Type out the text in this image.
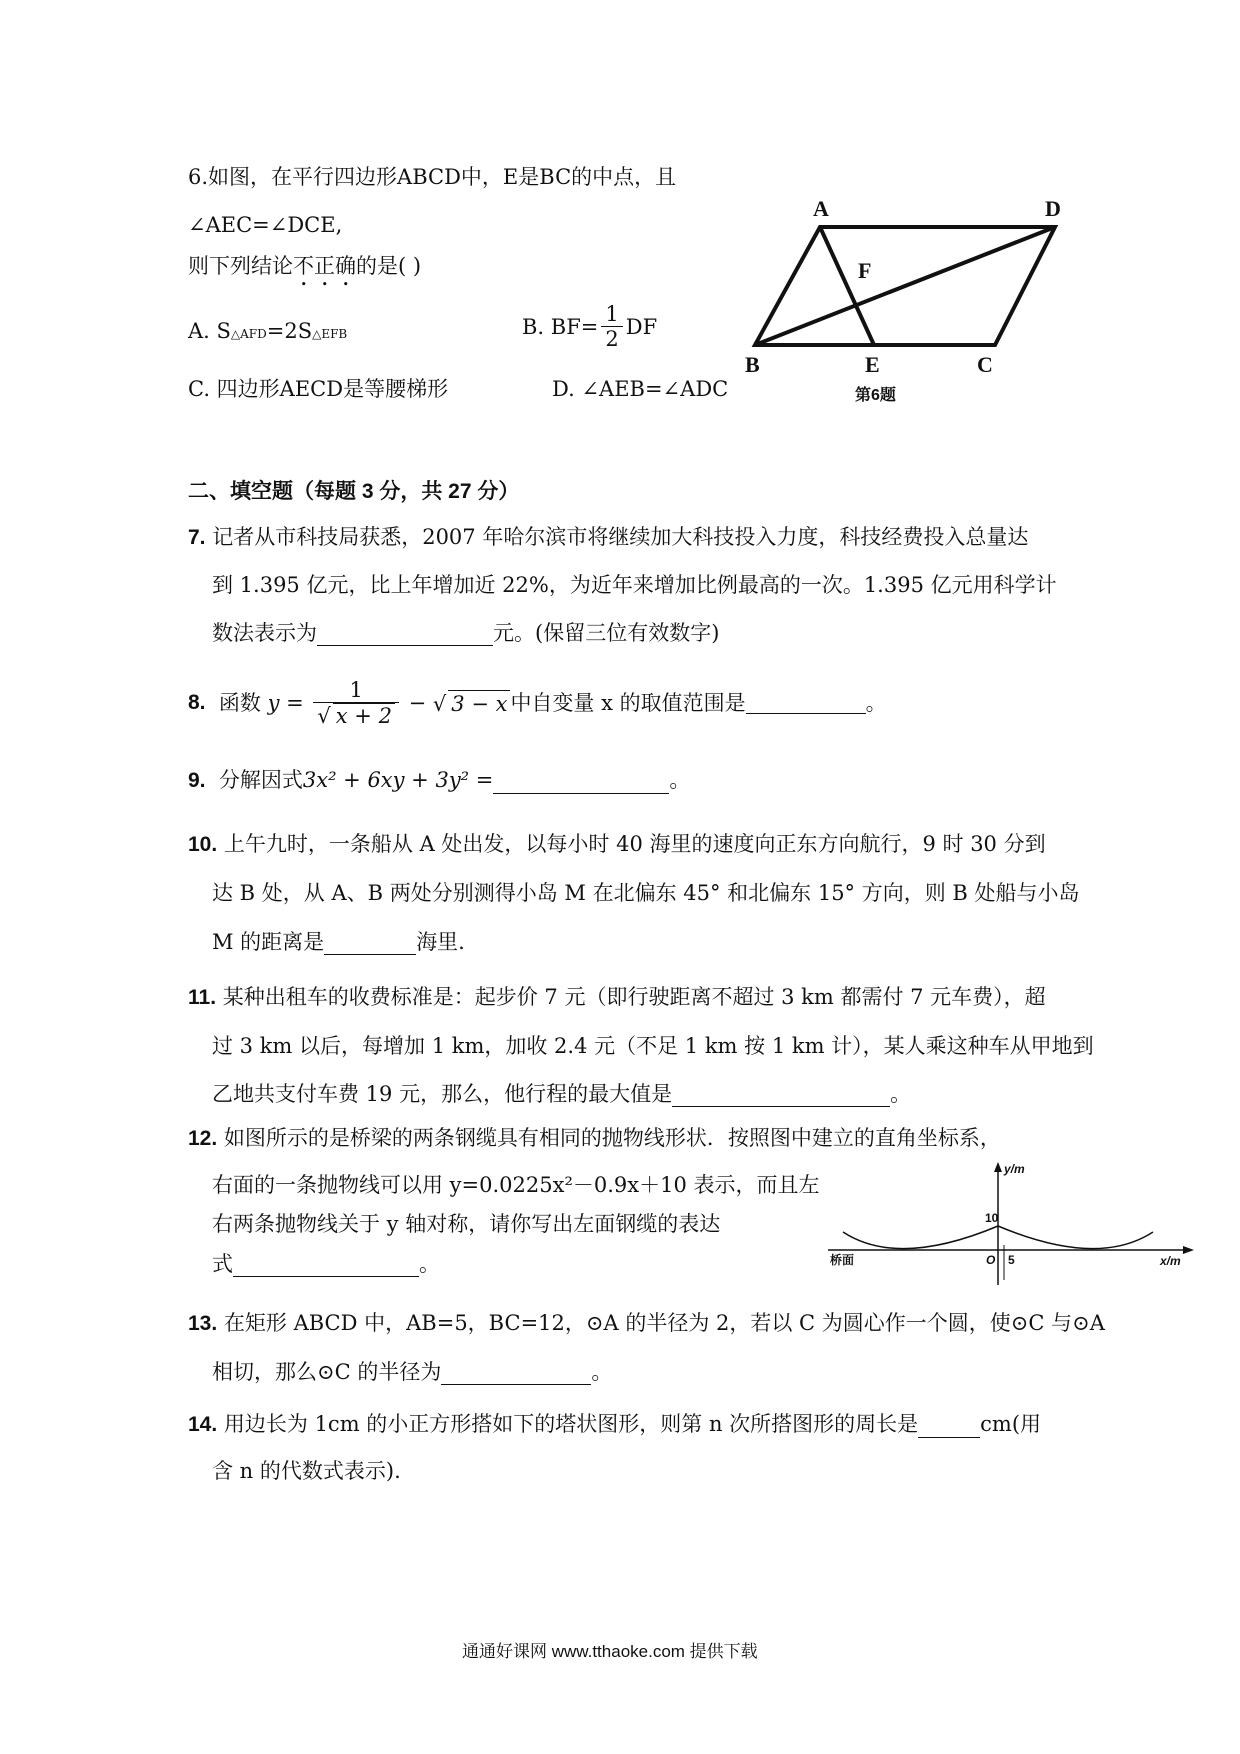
6.如图，在平行四边形ABCD中，E是BC的中点，且
∠AEC=∠DCE,
则下列结论不正确的是( )
A. S△AFD=2S△EFB	B. $BF= \frac{1}{2}$ DF
C. 四边形AECD是等腰梯形	D. ∠AEB=∠ADC
A	D
F
B	E	C
第6题
二、填空题（每题 3 分，共 27 分）
7. 记者从市科技局获悉，2007 年哈尔滨市将继续加大科技投入力度，科技经费投入总量达
到 1.395 亿元，比上年增加近 22%，为近年来增加比例最高的一次。1.395 亿元用科学计
数法表示为	元。(保留三位有效数字)
8.
函数
$y = \frac{1}{√ x + 2}$ − √ 3 − x 中自变量 x 的取值范围是	。
9. 分解因式3x² + 6xy + 3y² =	。
10. 上午九时，一条船从 A 处出发，以每小时 40 海里的速度向正东方向航行，9 时 30 分到
达 B 处，从 A、B 两处分别测得小岛 M 在北偏东 45° 和北偏东 15° 方向，则 B 处船与小岛
M 的距离是	海里.
11. 某种出租车的收费标准是：起步价 7 元（即行驶距离不超过 3 km 都需付 7 元车费），超
过 3 km 以后，每增加 1 km，加收 2.4 元（不足 1 km 按 1 km 计），某人乘这种车从甲地到
乙地共支付车费 19 元，那么，他行程的最大值是	。
12. 如图所示的是桥梁的两条钢缆具有相同的抛物线形状．按照图中建立的直角坐标系，
右面的一条抛物线可以用 y=0.0225x²－0.9x＋10 表示，而且左
右两条抛物线关于 y 轴对称，请你写出左面钢缆的表达
式	。
y/m
10
O 5
桥面	x/m
13. 在矩形 ABCD 中，AB=5，BC=12，⊙A 的半径为 2，若以 C 为圆心作一个圆，使⊙C 与⊙A
相切，那么⊙C 的半径为	。
14. 用边长为 1cm 的小正方形搭如下的塔状图形，则第 n 次所搭图形的周长是	cm(用
含 n 的代数式表示).
通通好课网 www.tthaoke.com 提供下载
